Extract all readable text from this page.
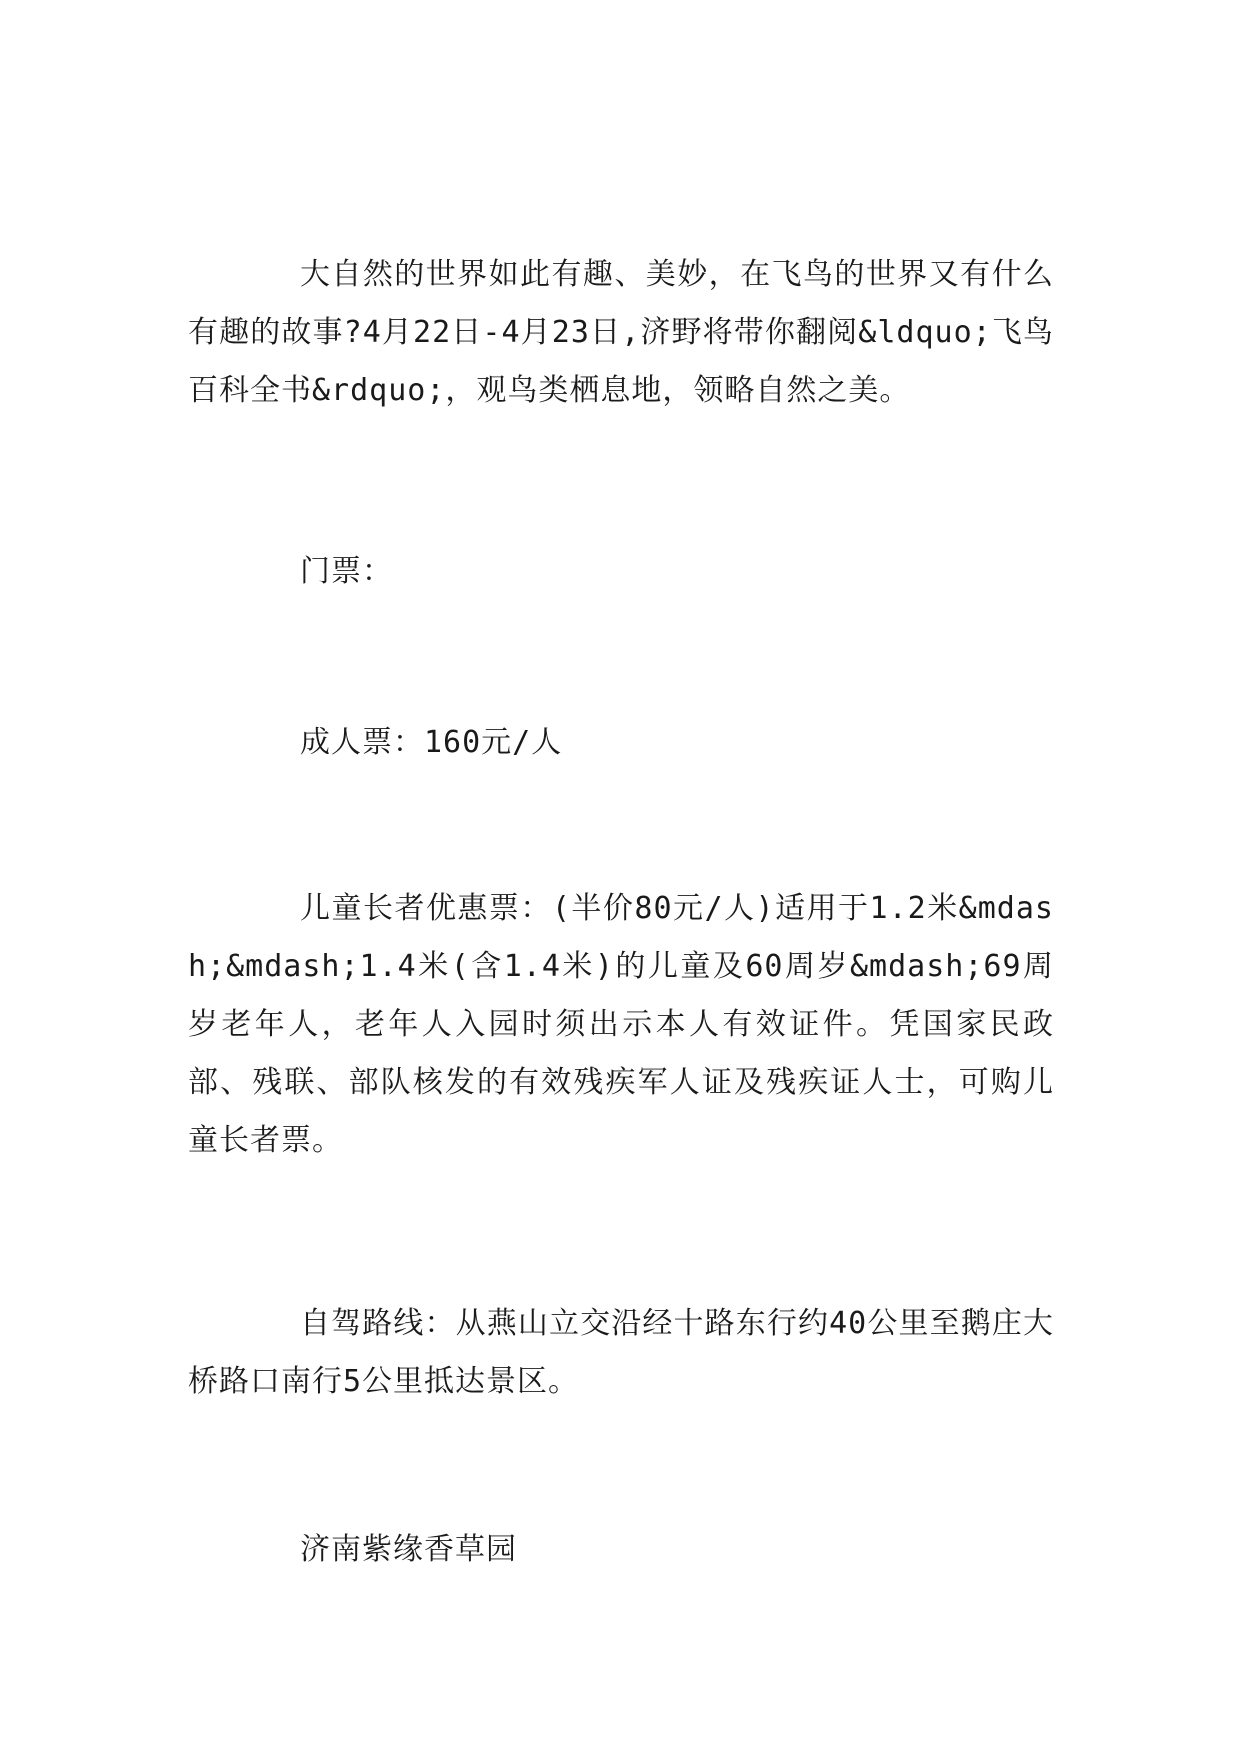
大自然的世界如此有趣、美妙，在飞鸟的世界又有什么有趣的故事?4月22日-4月23日,济野将带你翻阅&ldquo;飞鸟百科全书&rdquo;，观鸟类栖息地，领略自然之美。

门票：

成人票：160元/人

儿童长者优惠票：(半价80元/人)适用于1.2米&mdash;&mdash;1.4米(含1.4米)的儿童及60周岁&mdash;69周岁老年人，老年人入园时须出示本人有效证件。凭国家民政部、残联、部队核发的有效残疾军人证及残疾证人士，可购儿童长者票。

自驾路线：从燕山立交沿经十路东行约40公里至鹅庄大桥路口南行5公里抵达景区。

济南紫缘香草园
